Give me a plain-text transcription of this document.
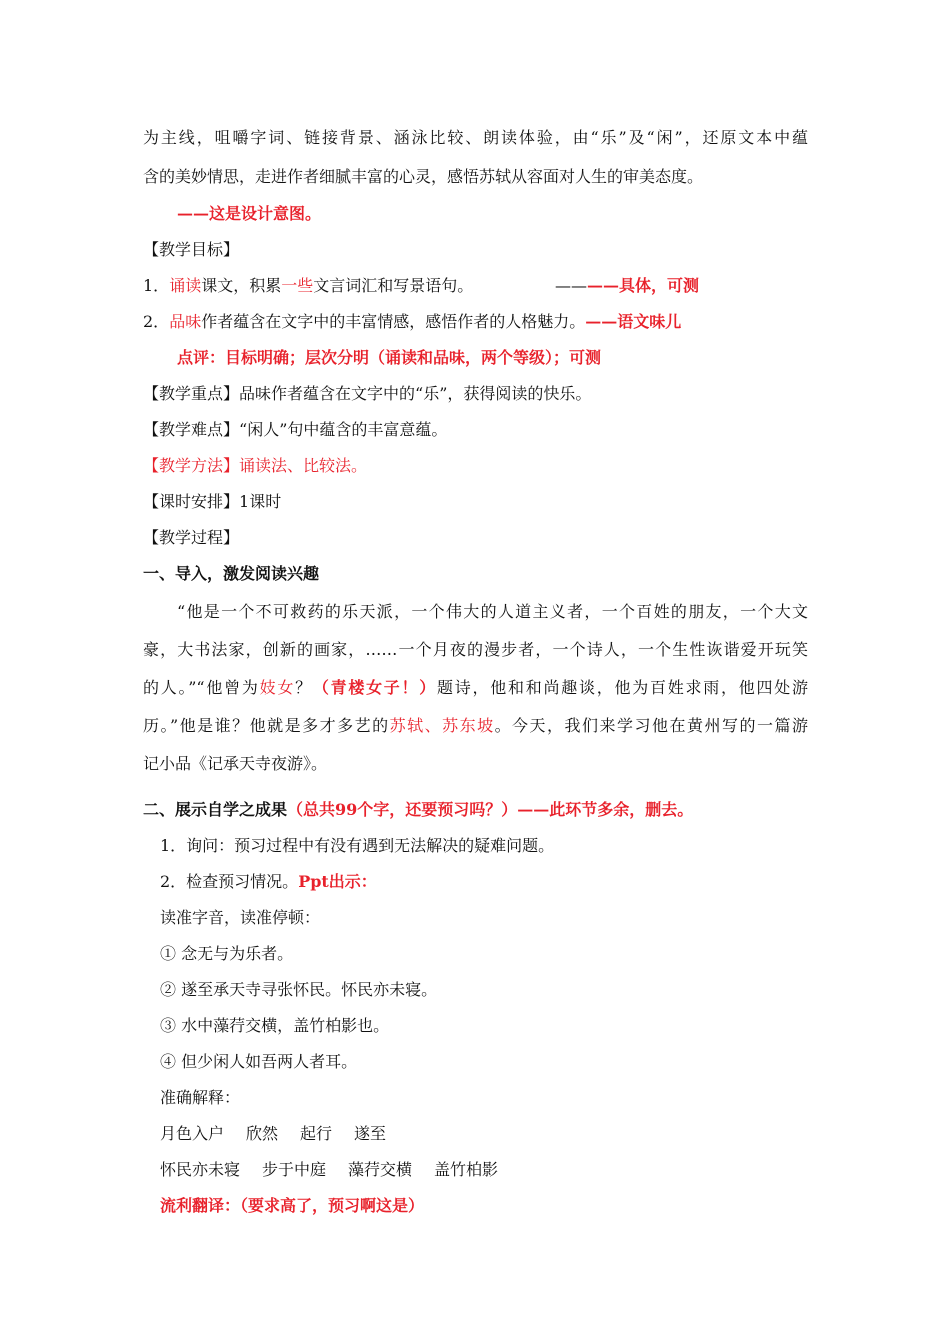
为主线，咀嚼字词、链接背景、涵泳比较、朗读体验，由“乐”及“闲”，还原文本中蕴
含的美妙情思，走进作者细腻丰富的心灵，感悟苏轼从容面对人生的审美态度。
——这是设计意图。
【教学目标】
1．诵读课文，积累一些文言词汇和写景语句。	————具体，可测
2．品味作者蕴含在文字中的丰富情感，感悟作者的人格魅力。——语文味儿
点评：目标明确；层次分明（诵读和品味，两个等级）；可测
【教学重点】品味作者蕴含在文字中的“乐”，获得阅读的快乐。
【教学难点】“闲人”句中蕴含的丰富意蕴。
【教学方法】诵读法、比较法。
【课时安排】1课时
【教学过程】
一、导入，激发阅读兴趣
“他是一个不可救药的乐天派，一个伟大的人道主义者，一个百姓的朋友，一个大文
豪，大书法家，创新的画家，……一个月夜的漫步者，一个诗人，一个生性诙谐爱开玩笑
的人。”“他曾为妓女？（青楼女子！）题诗，他和和尚趣谈，他为百姓求雨，他四处游
历。”他是谁？他就是多才多艺的苏轼、苏东坡。今天，我们来学习他在黄州写的一篇游
记小品《记承天寺夜游》。
二、展示自学之成果（总共99个字，还要预习吗？）——此环节多余，删去。
1．询问：预习过程中有没有遇到无法解决的疑难问题。
2．检查预习情况。Ppt出示：
读准字音，读准停顿：
① 念无与为乐者。
② 遂至承天寺寻张怀民。怀民亦未寝。
③ 水中藻荇交横，盖竹柏影也。
④ 但少闲人如吾两人者耳。
准确解释：
月色入户 欣然 起行 遂至
怀民亦未寝 步于中庭 藻荇交横 盖竹柏影
流利翻译：（要求高了，预习啊这是）
